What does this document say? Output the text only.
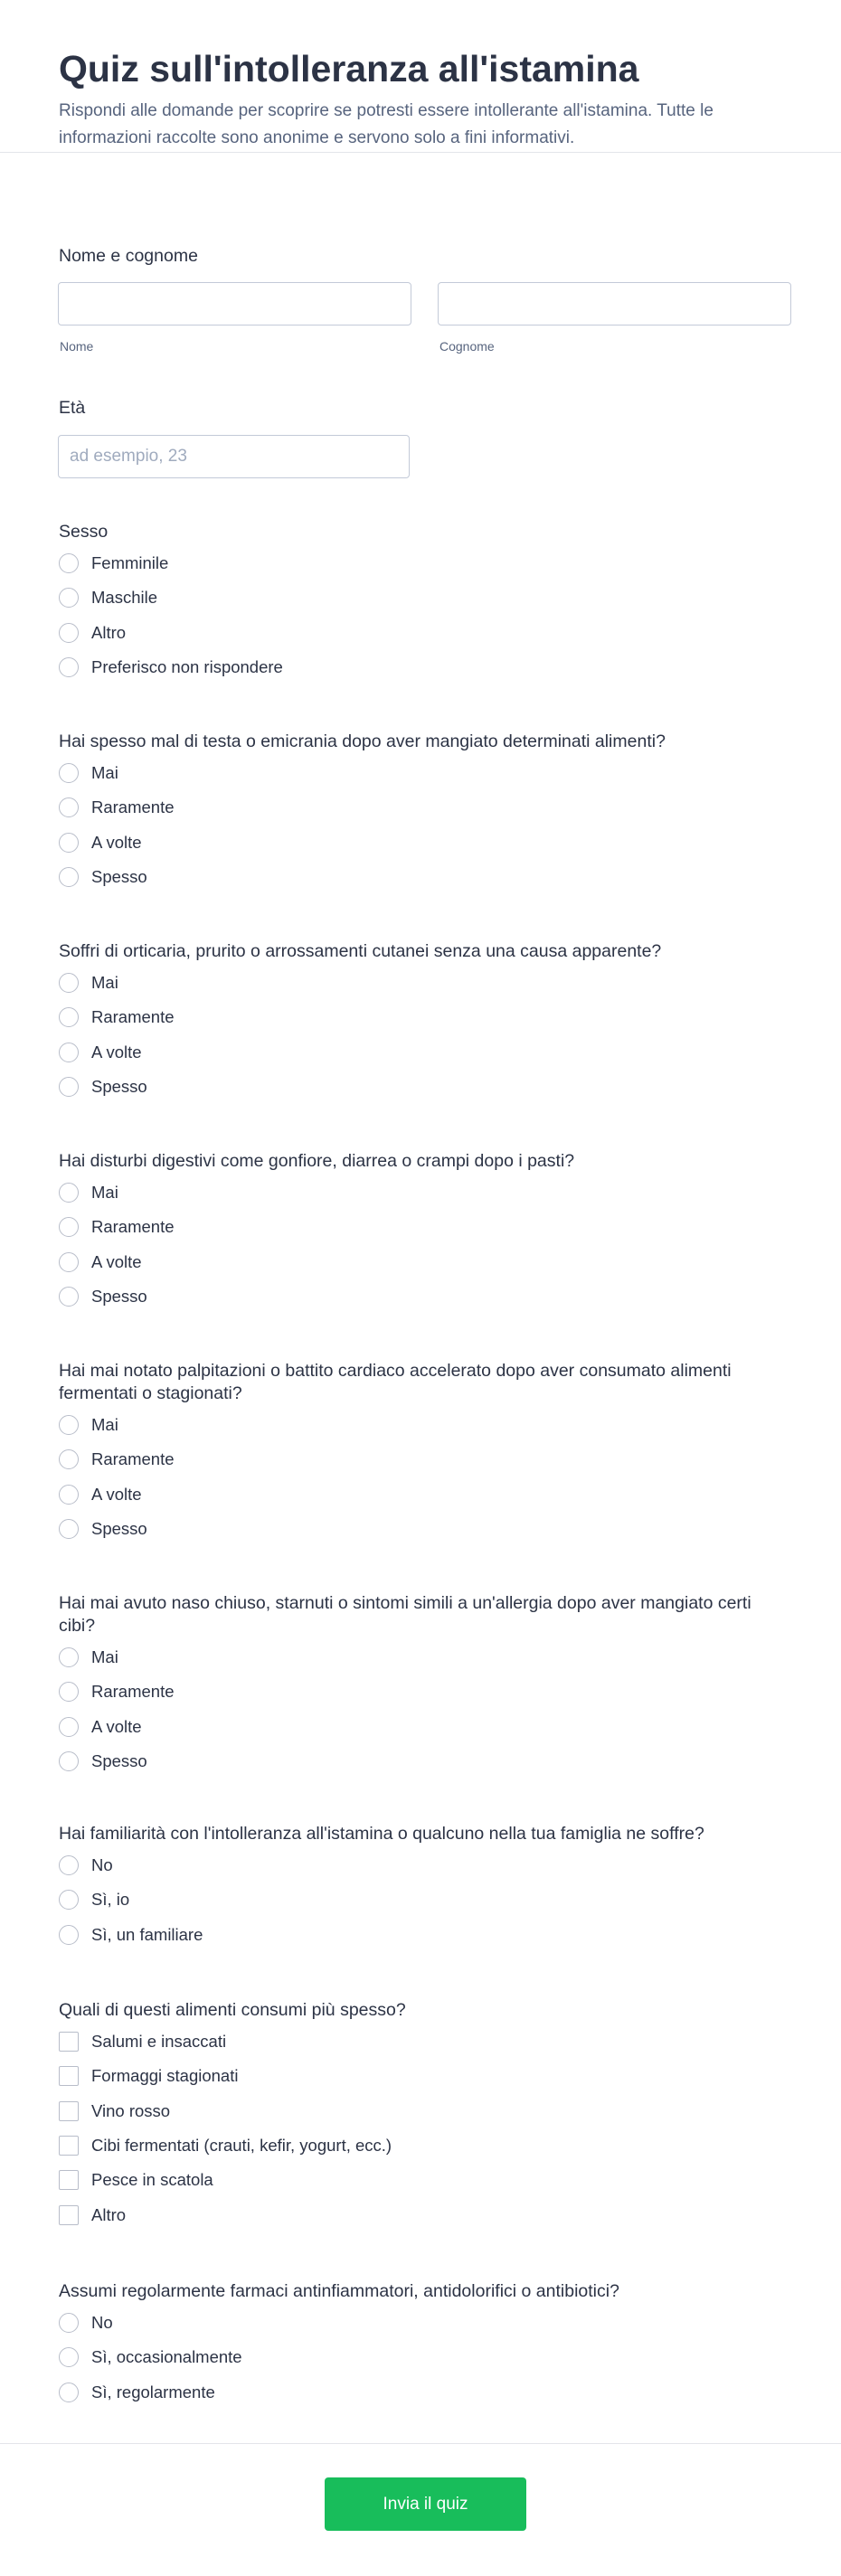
Quiz sull'intolleranza all'istamina
Rispondi alle domande per scoprire se potresti essere intollerante all'istamina. Tutte le informazioni raccolte sono anonime e servono solo a fini informativi.
Nome e cognome
Nome	Cognome
Età
ad esempio, 23
Sesso
Femminile
Maschile
Altro
Preferisco non rispondere
Hai spesso mal di testa o emicrania dopo aver mangiato determinati alimenti?
Mai
Raramente
A volte
Spesso
Soffri di orticaria, prurito o arrossamenti cutanei senza una causa apparente?
Mai
Raramente
A volte
Spesso
Hai disturbi digestivi come gonfiore, diarrea o crampi dopo i pasti?
Mai
Raramente
A volte
Spesso
Hai mai notato palpitazioni o battito cardiaco accelerato dopo aver consumato alimenti fermentati o stagionati?
Mai
Raramente
A volte
Spesso
Hai mai avuto naso chiuso, starnuti o sintomi simili a un'allergia dopo aver mangiato certi cibi?
Mai
Raramente
A volte
Spesso
Hai familiarità con l'intolleranza all'istamina o qualcuno nella tua famiglia ne soffre?
No
Sì, io
Sì, un familiare
Quali di questi alimenti consumi più spesso?
Salumi e insaccati
Formaggi stagionati
Vino rosso
Cibi fermentati (crauti, kefir, yogurt, ecc.)
Pesce in scatola
Altro
Assumi regolarmente farmaci antinfiammatori, antidolorifici o antibiotici?
No
Sì, occasionalmente
Sì, regolarmente
Invia il quiz
